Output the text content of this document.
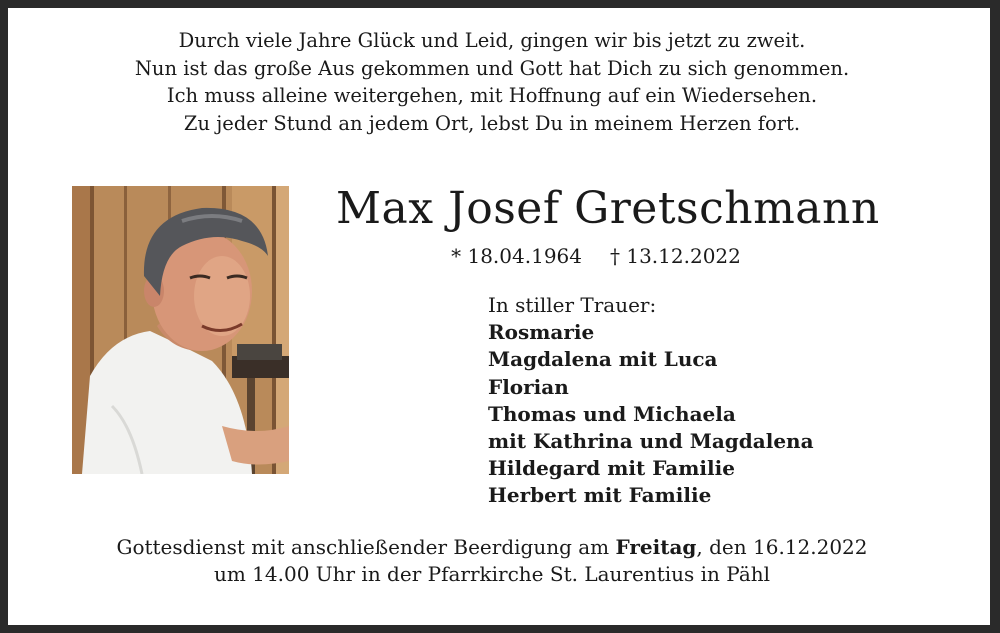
Durch viele Jahre Glück und Leid, gingen wir bis jetzt zu zweit.
Nun ist das große Aus gekommen und Gott hat Dich zu sich genommen.
Ich muss alleine weitergehen, mit Hoffnung auf ein Wiedersehen.
Zu jeder Stund an jedem Ort, lebst Du in meinem Herzen fort.
Max Josef Gretschmann
* 18.04.1964 † 13.12.2022
In stiller Trauer:
Rosmarie
Magdalena mit Luca
Florian
Thomas und Michaela
mit Kathrina und Magdalena
Hildegard mit Familie
Herbert mit Familie
Gottesdienst mit anschließender Beerdigung am Freitag, den 16.12.2022
um 14.00 Uhr in der Pfarrkirche St. Laurentius in Pähl
